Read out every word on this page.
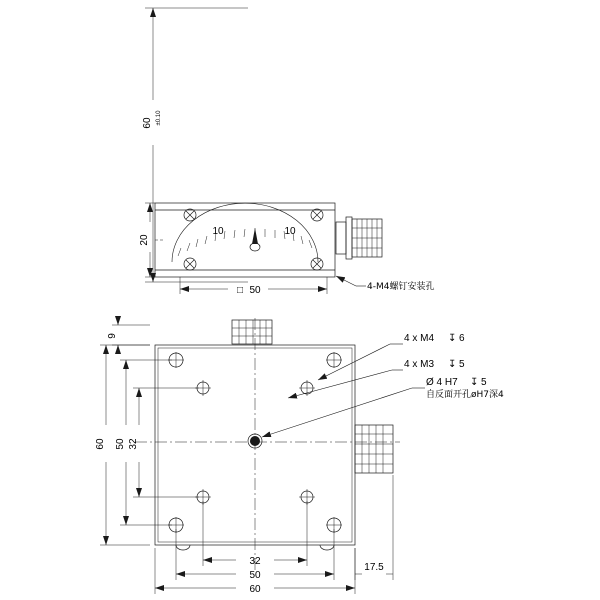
60 ±0.10
20
10	10
□ 50	4-M4螺钉安装孔
9
60 50 32
32
50
60
17.5
4 x M4 ↧ 6
4 x M3 ↧ 5
Ø 4 H7 ↧ 5
自反面开孔øH7深4
